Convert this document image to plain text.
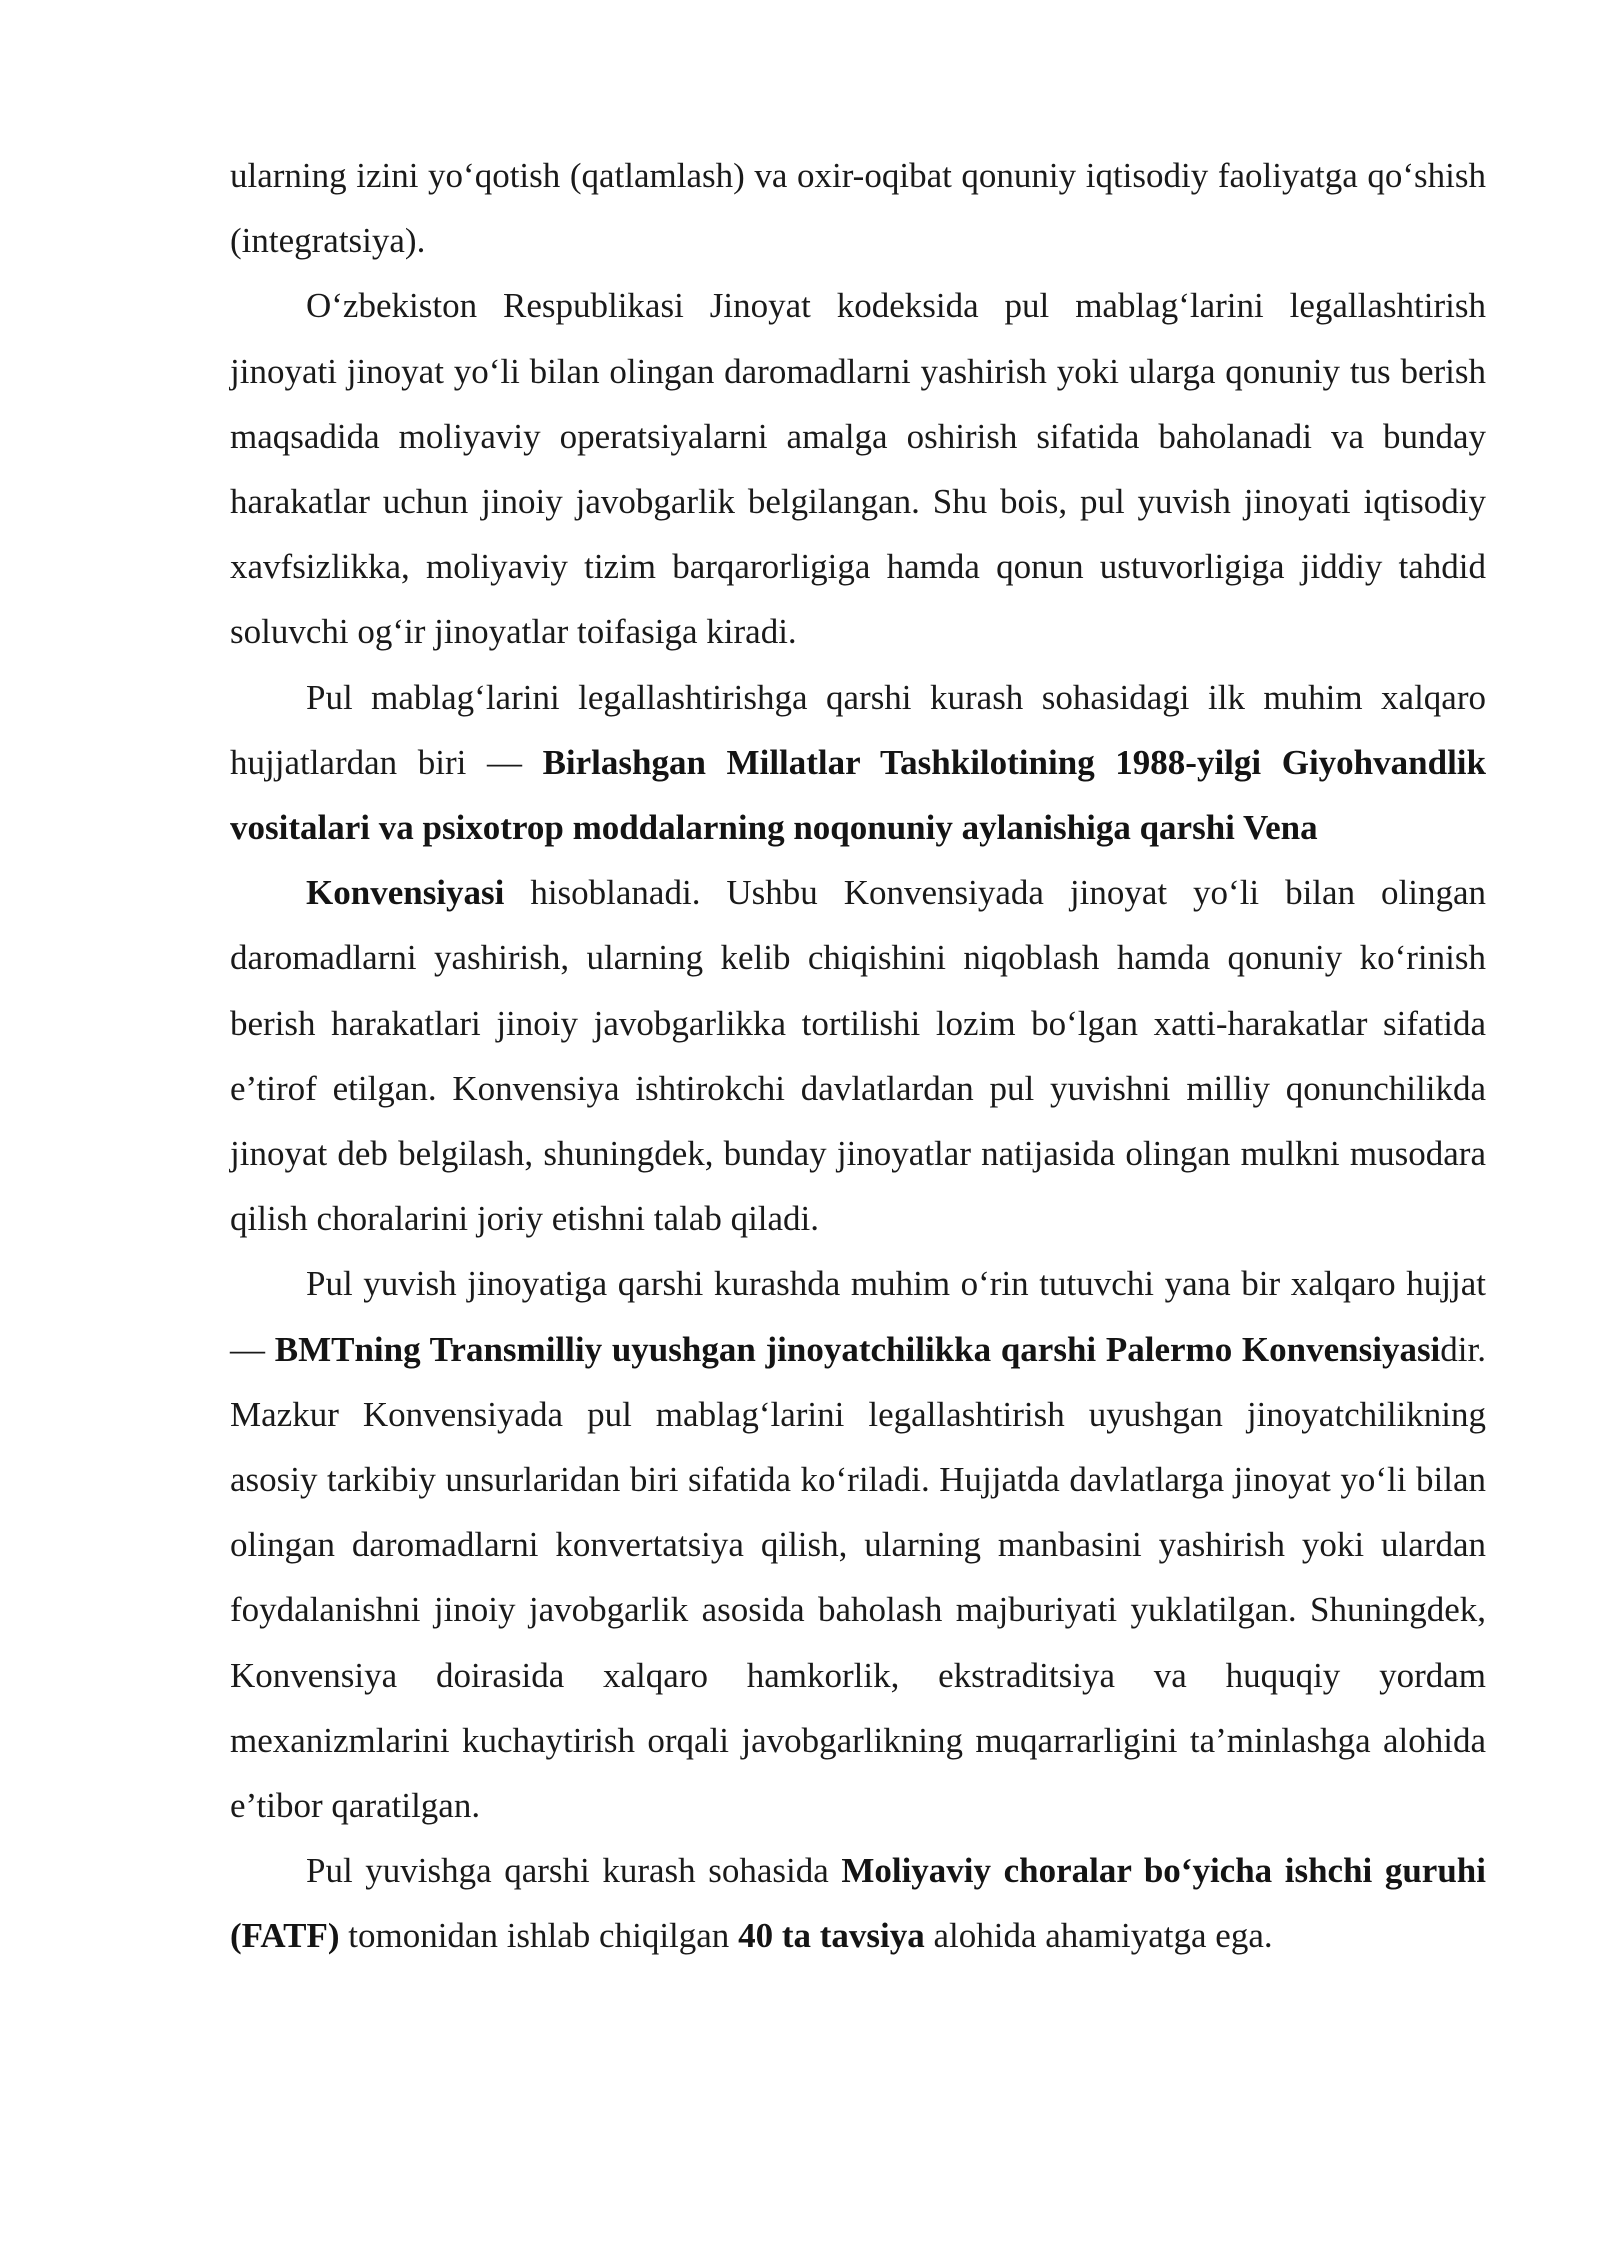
ularning izini yo‘qotish (qatlamlash) va oxir-oqibat qonuniy iqtisodiy faoliyatga qo‘shish (integratsiya).

O‘zbekiston Respublikasi Jinoyat kodeksida pul mablag‘larini legallashtirish jinoyati jinoyat yo‘li bilan olingan daromadlarni yashirish yoki ularga qonuniy tus berish maqsadida moliyaviy operatsiyalarni amalga oshirish sifatida baholanadi va bunday harakatlar uchun jinoiy javobgarlik belgilangan. Shu bois, pul yuvish jinoyati iqtisodiy xavfsizlikka, moliyaviy tizim barqarorligiga hamda qonun ustuvorligiga jiddiy tahdid soluvchi og‘ir jinoyatlar toifasiga kiradi.

Pul mablag‘larini legallashtirishga qarshi kurash sohasidagi ilk muhim xalqaro hujjatlardan biri — Birlashgan Millatlar Tashkilotining 1988-yilgi Giyohvandlik vositalari va psixotrop moddalarning noqonuniy aylanishiga qarshi Vena

Konvensiyasi hisoblanadi. Ushbu Konvensiyada jinoyat yo‘li bilan olingan daromadlarni yashirish, ularning kelib chiqishini niqoblash hamda qonuniy ko‘rinish berish harakatlari jinoiy javobgarlikka tortilishi lozim bo‘lgan xatti-harakatlar sifatida e’tirof etilgan. Konvensiya ishtirokchi davlatlardan pul yuvishni milliy qonunchilikda jinoyat deb belgilash, shuningdek, bunday jinoyatlar natijasida olingan mulkni musodara qilish choralarini joriy etishni talab qiladi.

Pul yuvish jinoyatiga qarshi kurashda muhim o‘rin tutuvchi yana bir xalqaro hujjat — BMTning Transmilliy uyushgan jinoyatchilikka qarshi Palermo Konvensiyasidir. Mazkur Konvensiyada pul mablag‘larini legallashtirish uyushgan jinoyatchilikning asosiy tarkibiy unsurlaridan biri sifatida ko‘riladi. Hujjatda davlatlarga jinoyat yo‘li bilan olingan daromadlarni konvertatsiya qilish, ularning manbasini yashirish yoki ulardan foydalanishni jinoiy javobgarlik asosida baholash majburiyati yuklatilgan. Shuningdek, Konvensiya doirasida xalqaro hamkorlik, ekstraditsiya va huquqiy yordam mexanizmlarini kuchaytirish orqali javobgarlikning muqarrarligini ta’minlashga alohida e’tibor qaratilgan.

Pul yuvishga qarshi kurash sohasida Moliyaviy choralar bo‘yicha ishchi guruhi (FATF) tomonidan ishlab chiqilgan 40 ta tavsiya alohida ahamiyatga ega.
